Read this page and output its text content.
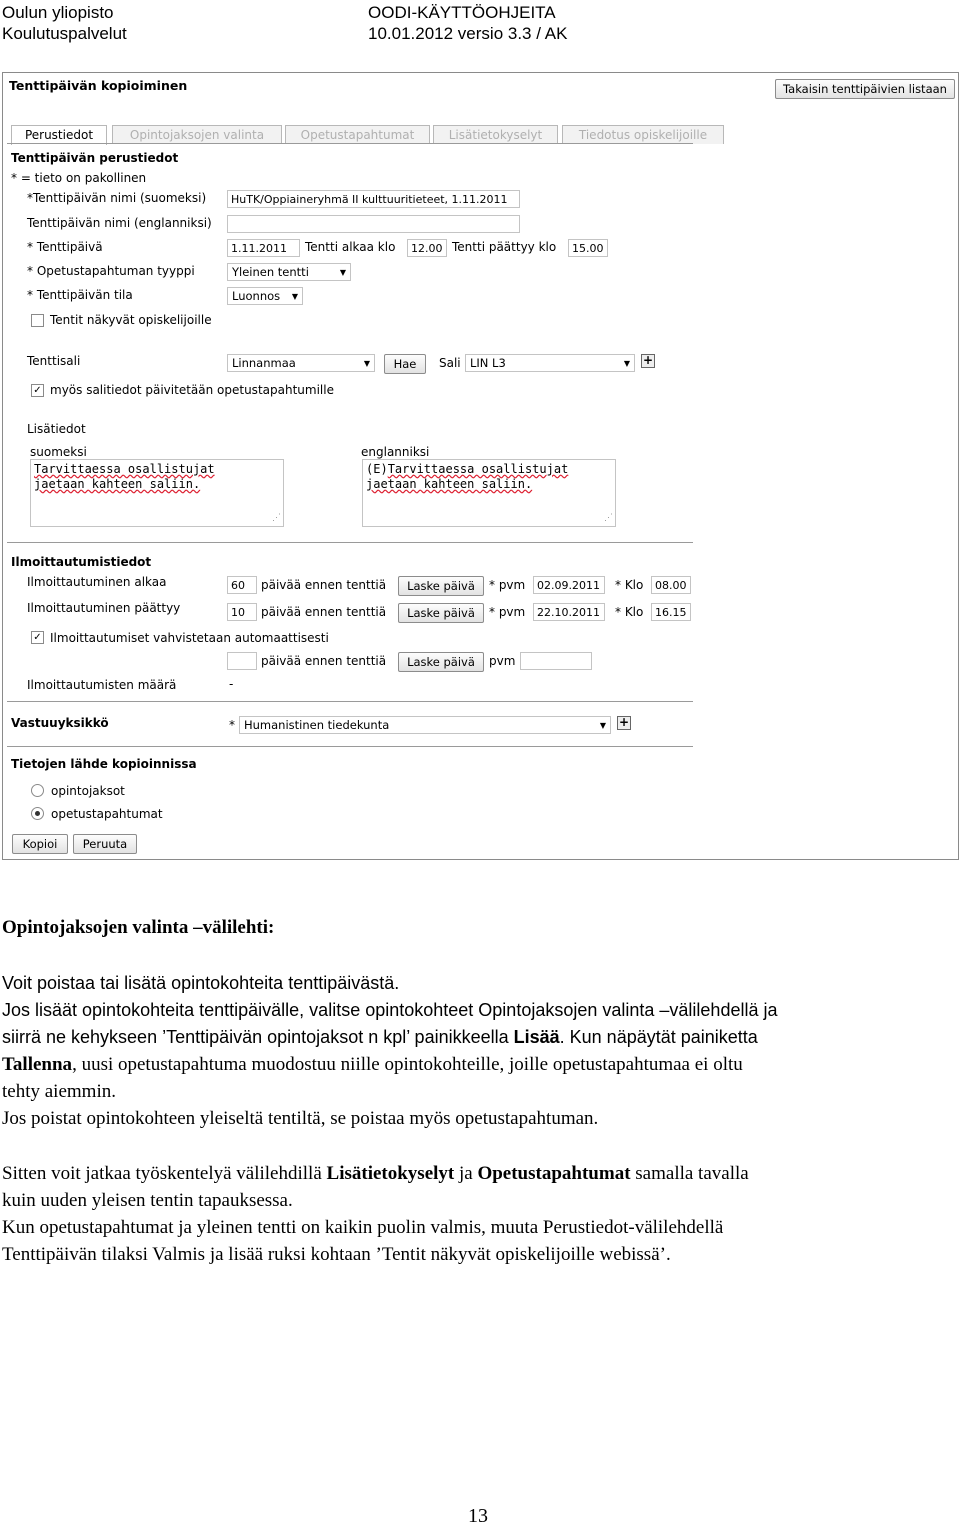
Oulun yliopisto
Koulutuspalvelut
OODI-KÄYTTÖOHJEITA
10.01.2012 versio 3.3 / AK
Tenttipäivän kopioiminen	Takaisin tenttipäivien listaan
Perustiedot	Opintojaksojen valinta	Opetustapahtumat	Lisätietokyselyt	Tiedotus opiskelijoille
Tenttipäivän perustiedot
* = tieto on pakollinen
*Tenttipäivän nimi (suomeksi)	HuTK/Oppiaineryhmä II kulttuuritieteet, 1.11.2011
Tenttipäivän nimi (englanniksi)
* Tenttipäivä	1.11.2011	Tentti alkaa klo	12.00 Tentti päättyy klo	15.00
* Opetustapahtuman tyyppi	Yleinen tentti	▼
* Tenttipäivän tila	Luonnos ▼
Tentit näkyvät opiskelijoille
Tenttisali	Linnanmaa	▼	Hae	Sali LIN L3	▼ +
✓ myös salitiedot päivitetään opetustapahtumille
Lisätiedot
suomeksi
Tarvittaessa osallistujat
jaetaan kahteen saliin.
⋰
englanniksi
(E)Tarvittaessa osallistujat
jaetaan kahteen saliin.
⋰
Ilmoittautumistiedot
Ilmoittautuminen alkaa	60	päivää ennen tenttiä	Laske päivä	* pvm	02.09.2011	* Klo	08.00
Ilmoittautuminen päättyy	10	päivää ennen tenttiä	Laske päivä	* pvm	22.10.2011	* Klo	16.15
✓ Ilmoittautumiset vahvistetaan automaattisesti
päivää ennen tenttiä	Laske päivä	pvm
Ilmoittautumisten määrä	-
Vastuuyksikkö	* Humanistinen tiedekunta	▼ +
Tietojen lähde kopioinnissa
opintojaksot
opetustapahtumat
Kopioi	Peruuta
Opintojaksojen valinta –välilehti:
Voit poistaa tai lisätä opintokohteita tenttipäivästä.
Jos lisäät opintokohteita tenttipäivälle, valitse opintokohteet Opintojaksojen valinta –välilehdellä ja
siirrä ne kehykseen ’Tenttipäivän opintojaksot n kpl’ painikkeella Lisää. Kun näpäytät painiketta
Tallenna, uusi opetustapahtuma muodostuu niille opintokohteille, joille opetustapahtumaa ei oltu
tehty aiemmin.
Jos poistat opintokohteen yleiseltä tentiltä, se poistaa myös opetustapahtuman.
Sitten voit jatkaa työskentelyä välilehdillä Lisätietokyselyt ja Opetustapahtumat samalla tavalla
kuin uuden yleisen tentin tapauksessa.
Kun opetustapahtumat ja yleinen tentti on kaikin puolin valmis, muuta Perustiedot-välilehdellä
Tenttipäivän tilaksi Valmis ja lisää ruksi kohtaan ’Tentit näkyvät opiskelijoille webissä’.
13
